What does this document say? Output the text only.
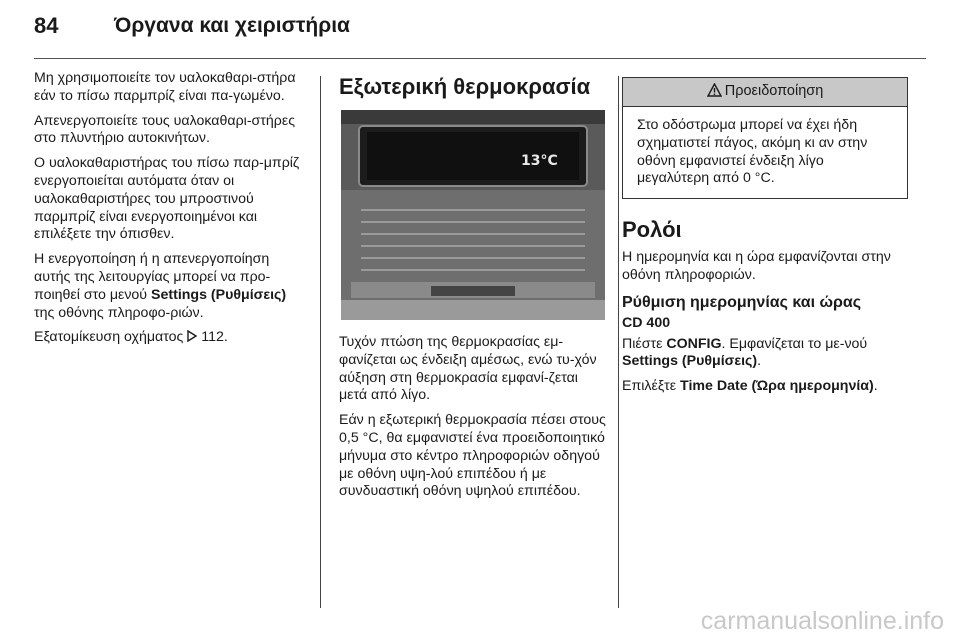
84	Όργανα και χειριστήρια

Μη χρησιμοποιείτε τον υαλοκαθαρι-στήρα εάν το πίσω παρμπρίζ είναι πα-γωμένο.

Απενεργοποιείτε τους υαλοκαθαρι-στήρες στο πλυντήριο αυτοκινήτων.

Ο υαλοκαθαριστήρας του πίσω παρ-μπρίζ ενεργοποιείται αυτόματα όταν οι υαλοκαθαριστήρες του μπροστινού παρμπρίζ είναι ενεργοποιημένοι και επιλέξετε την όπισθεν.

Η ενεργοποίηση ή η απενεργοποίηση αυτής της λειτουργίας μπορεί να προ-ποιηθεί στο μενού Settings (Ρυθμίσεις) της οθόνης πληροφο-ριών.

Εξατομίκευση οχήματος  112.

Εξωτερική θερμοκρασία
13°C

Τυχόν πτώση της θερμοκρασίας εμ-φανίζεται ως ένδειξη αμέσως, ενώ τυ-χόν αύξηση στη θερμοκρασία εμφανί-ζεται μετά από λίγο.

Εάν η εξωτερική θερμοκρασία πέσει στους 0,5 °C, θα εμφανιστεί ένα προειδοποιητικό μήνυμα στο κέντρο πληροφοριών οδηγού με οθόνη υψη-λού επιπέδου ή με συνδυαστική οθόνη υψηλού επιπέδου.

Προειδοποίηση
Στο οδόστρωμα μπορεί να έχει ήδη σχηματιστεί πάγος, ακόμη κι αν στην οθόνη εμφανιστεί ένδειξη λίγο μεγαλύτερη από 0 °C.
Ρολόι

Η ημερομηνία και η ώρα εμφανίζονται στην οθόνη πληροφοριών.

Ρύθμιση ημερομηνίας και ώρας
CD 400

Πιέστε CONFIG. Εμφανίζεται το με-νού Settings (Ρυθμίσεις).

Επιλέξτε Time Date (Ώρα ημερομηνία).

carmanualsonline.info
